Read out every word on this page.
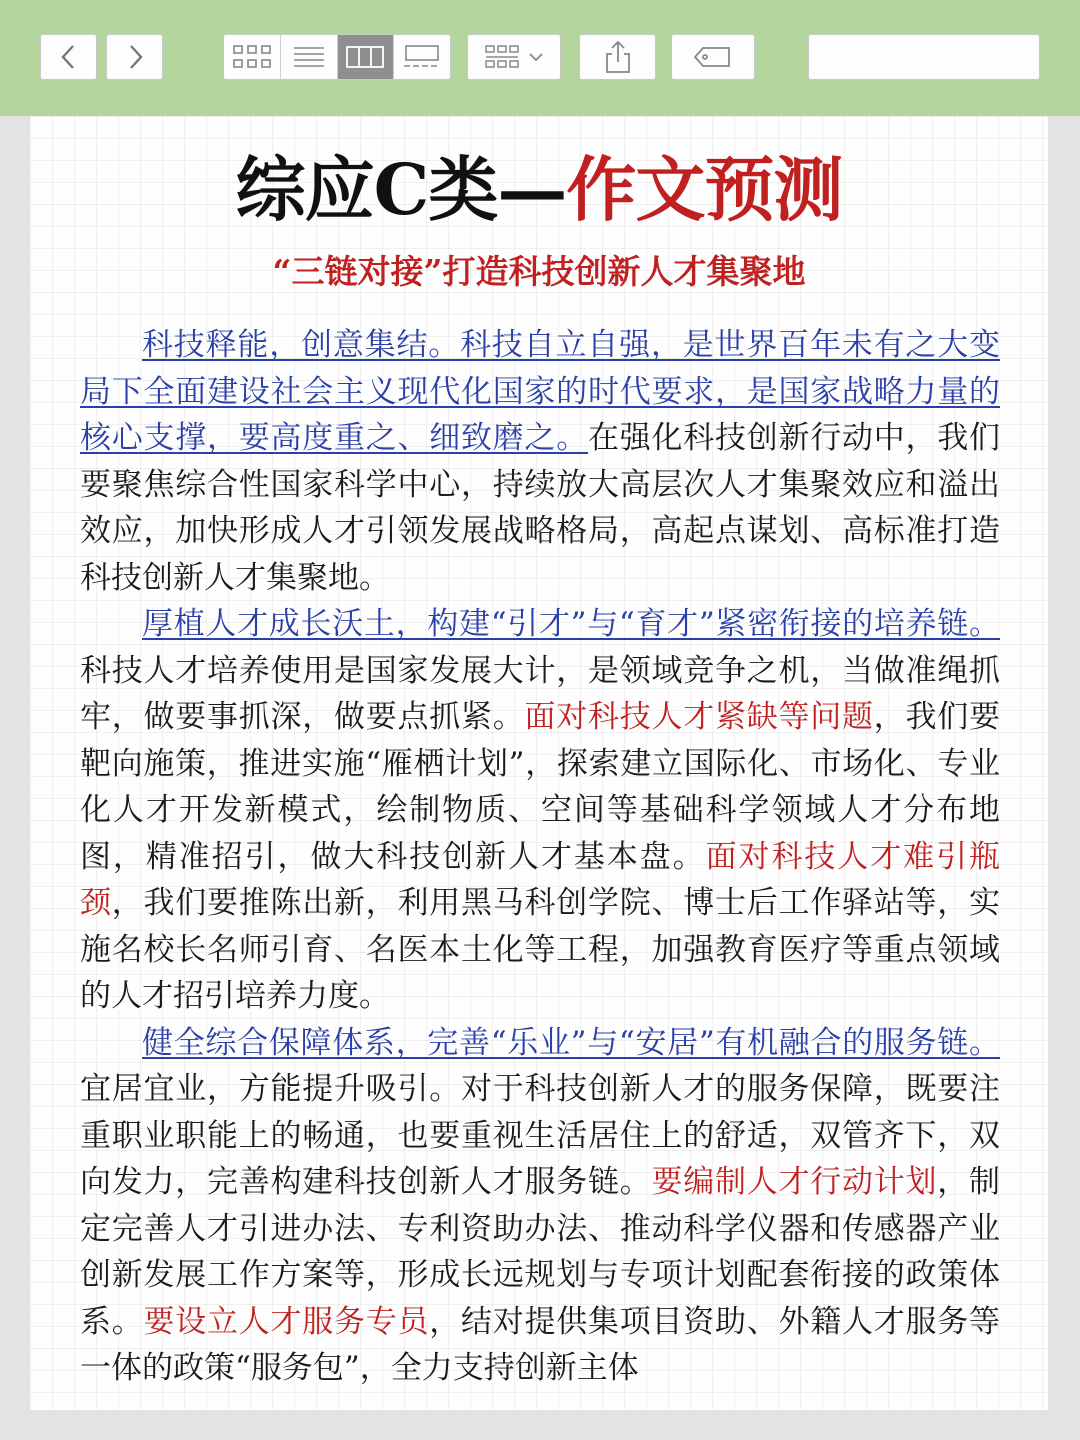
综应C类—作文预测
“三链对接”打造科技创新人才集聚地

科技释能，创意集结。科技自立自强，是世界百年未有之大变局下全面建设社会主义现代化国家的时代要求，是国家战略力量的核心支撑，要高度重之、细致磨之。在强化科技创新行动中，我们要聚焦综合性国家科学中心，持续放大高层次人才集聚效应和溢出效应，加快形成人才引领发展战略格局，高起点谋划、高标准打造科技创新人才集聚地。

厚植人才成长沃土，构建“引才”与“育才”紧密衔接的培养链。科技人才培养使用是国家发展大计，是领域竞争之机，当做准绳抓牢，做要事抓深，做要点抓紧。面对科技人才紧缺等问题，我们要靶向施策，推进实施“雁栖计划”，探索建立国际化、市场化、专业化人才开发新模式，绘制物质、空间等基础科学领域人才分布地图，精准招引，做大科技创新人才基本盘。面对科技人才难引瓶颈，我们要推陈出新，利用黑马科创学院、博士后工作驿站等，实施名校长名师引育、名医本土化等工程，加强教育医疗等重点领域的人才招引培养力度。

健全综合保障体系，完善“乐业”与“安居”有机融合的服务链。宜居宜业，方能提升吸引。对于科技创新人才的服务保障，既要注重职业职能上的畅通，也要重视生活居住上的舒适，双管齐下，双向发力，完善构建科技创新人才服务链。要编制人才行动计划，制定完善人才引进办法、专利资助办法、推动科学仪器和传感器产业创新发展工作方案等，形成长远规划与专项计划配套衔接的政策体系。要设立人才服务专员，结对提供集项目资助、外籍人才服务等一体的政策“服务包”，全力支持创新主体
